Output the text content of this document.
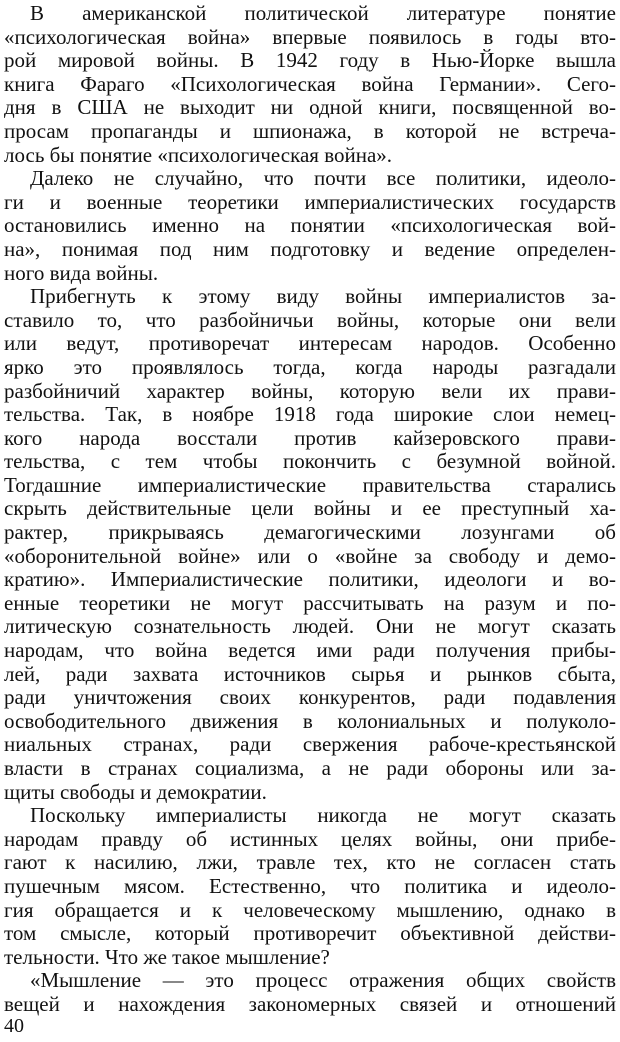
В американской политической литературе понятие
«психологическая война» впервые появилось в годы вто-
рой мировой войны. В 1942 году в Нью-Йорке вышла
книга Фараго «Психологическая война Германии». Сего-
дня в США не выходит ни одной книги, посвященной во-
просам пропаганды и шпионажа, в которой не встреча-
лось бы понятие «психологическая война».
Далеко не случайно, что почти все политики, идеоло-
ги и военные теоретики империалистических государств
остановились именно на понятии «психологическая вой-
на», понимая под ним подготовку и ведение определен-
ного вида войны.
Прибегнуть к этому виду войны империалистов за-
ставило то, что разбойничьи войны, которые они вели
или ведут, противоречат интересам народов. Особенно
ярко это проявлялось тогда, когда народы разгадали
разбойничий характер войны, которую вели их прави-
тельства. Так, в ноябре 1918 года широкие слои немец-
кого народа восстали против кайзеровского прави-
тельства, с тем чтобы покончить с безумной войной.
Тогдашние империалистические правительства старались
скрыть действительные цели войны и ее преступный ха-
рактер, прикрываясь демагогическими лозунгами об
«оборонительной войне» или о «войне за свободу и демо-
кратию». Империалистические политики, идеологи и во-
енные теоретики не могут рассчитывать на разум и по-
литическую сознательность людей. Они не могут сказать
народам, что война ведется ими ради получения прибы-
лей, ради захвата источников сырья и рынков сбыта,
ради уничтожения своих конкурентов, ради подавления
освободительного движения в колониальных и полуколо-
ниальных странах, ради свержения рабоче-крестьянской
власти в странах социализма, а не ради обороны или за-
щиты свободы и демократии.
Поскольку империалисты никогда не могут сказать
народам правду об истинных целях войны, они прибе-
гают к насилию, лжи, травле тех, кто не согласен стать
пушечным мясом. Естественно, что политика и идеоло-
гия обращается и к человеческому мышлению, однако в
том смысле, который противоречит объективной действи-
тельности. Что же такое мышление?
«Мышление — это процесс отражения общих свойств
вещей и нахождения закономерных связей и отношений
40
